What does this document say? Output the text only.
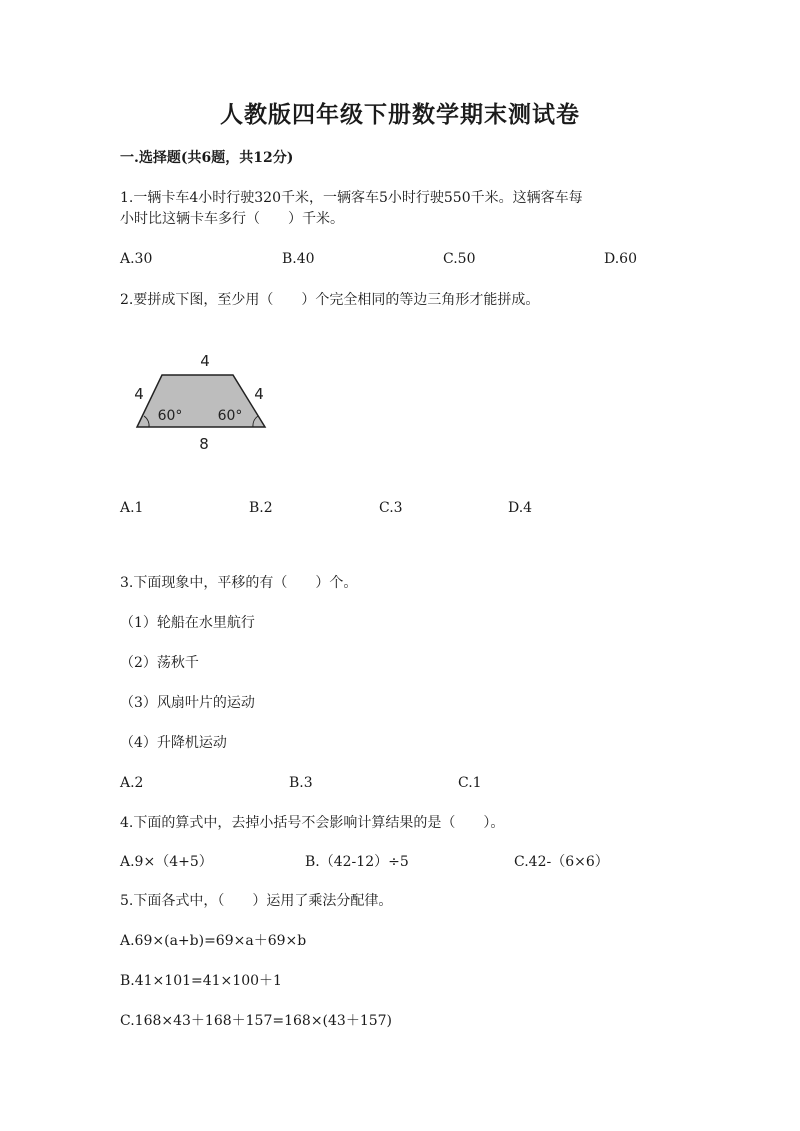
人教版四年级下册数学期末测试卷
一.选择题(共6题，共12分)
1.一辆卡车4小时行驶320千米，一辆客车5小时行驶550千米。这辆客车每
小时比这辆卡车多行（　　）千米。
A.30	B.40	C.50	D.60
2.要拼成下图，至少用（　　）个完全相同的等边三角形才能拼成。
4
4	4
8
60°	60°
A.1	B.2	C.3	D.4
3.下面现象中，平移的有（　　）个。
（1）轮船在水里航行
（2）荡秋千
（3）风扇叶片的运动
（4）升降机运动
A.2	B.3	C.1
4.下面的算式中，去掉小括号不会影响计算结果的是（　　）。
A.9×（4+5）	B.（42-12）÷5	C.42-（6×6）
5.下面各式中，（　　）运用了乘法分配律。
A.69×(a+b)=69×a＋69×b
B.41×101=41×100＋1
C.168×43＋168＋157=168×(43＋157)
